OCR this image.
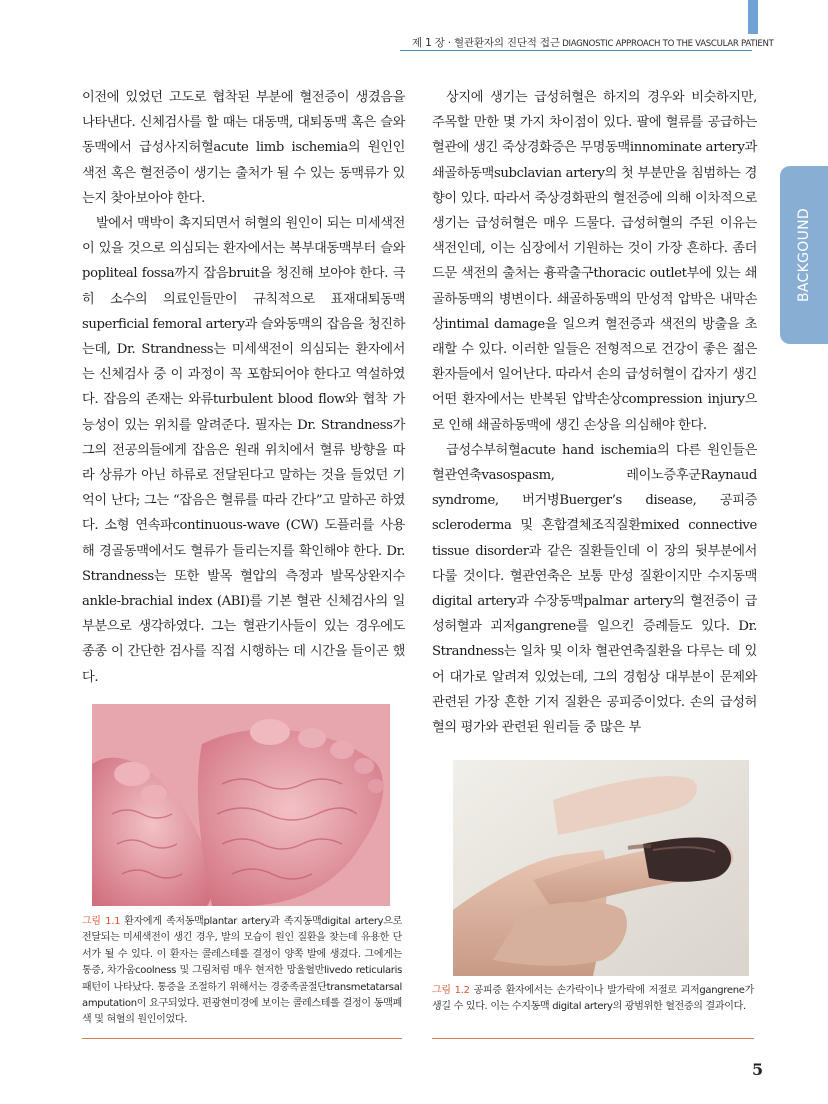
제 1 장 · 혈관환자의 진단적 접근 DIAGNOSTIC APPROACH TO THE VASCULAR PATIENT
BACKGOUND

이전에 있었던 고도로 협착된 부분에 혈전증이 생겼음을 나타낸다. 신체검사를 할 때는 대동맥, 대퇴동맥 혹은 슬와동맥에서 급성사지허혈acute limb ischemia의 원인인 색전 혹은 혈전증이 생기는 출처가 될 수 있는 동맥류가 있는지 찾아보아야 한다.

발에서 맥박이 촉지되면서 허혈의 원인이 되는 미세색전이 있을 것으로 의심되는 환자에서는 복부대동맥부터 슬와popliteal fossa까지 잡음bruit을 청진해 보아야 한다. 극히 소수의 의료인들만이 규칙적으로 표재대퇴동맥superficial femoral artery과 슬와동맥의 잡음을 청진하는데, Dr. Strandness는 미세색전이 의심되는 환자에서는 신체검사 중 이 과정이 꼭 포함되어야 한다고 역설하였다. 잡음의 존재는 와류turbulent blood flow와 협착 가능성이 있는 위치를 알려준다. 필자는 Dr. Strandness가 그의 전공의들에게 잡음은 원래 위치에서 혈류 방향을 따라 상류가 아닌 하류로 전달된다고 말하는 것을 들었던 기억이 난다; 그는 “잡음은 혈류를 따라 간다”고 말하곤 하였다. 소형 연속파continuous-wave (CW) 도플러를 사용해 경골동맥에서도 혈류가 들리는지를 확인해야 한다. Dr. Strandness는 또한 발목 혈압의 측정과 발목상완지수ankle-brachial index (ABI)를 기본 혈관 신체검사의 일부분으로 생각하였다. 그는 혈관기사들이 있는 경우에도 종종 이 간단한 검사를 직접 시행하는 데 시간을 들이곤 했다.

상지에 생기는 급성허혈은 하지의 경우와 비슷하지만, 주목할 만한 몇 가지 차이점이 있다. 팔에 혈류를 공급하는 혈관에 생긴 죽상경화증은 무명동맥innominate artery과 쇄골하동맥subclavian artery의 첫 부분만을 침범하는 경향이 있다. 따라서 죽상경화판의 혈전증에 의해 이차적으로 생기는 급성허혈은 매우 드물다. 급성허혈의 주된 이유는 색전인데, 이는 심장에서 기원하는 것이 가장 흔하다. 좀더 드문 색전의 출처는 흉곽출구thoracic outlet부에 있는 쇄골하동맥의 병변이다. 쇄골하동맥의 만성적 압박은 내막손상intimal damage을 일으켜 혈전증과 색전의 방출을 초래할 수 있다. 이러한 일들은 전형적으로 건강이 좋은 젊은 환자들에서 일어난다. 따라서 손의 급성허혈이 갑자기 생긴 어떤 환자에서는 반복된 압박손상compression injury으로 인해 쇄골하동맥에 생긴 손상을 의심해야 한다.

급성수부허혈acute hand ischemia의 다른 원인들은 혈관연축vasospasm, 레이노증후군Raynaud syndrome, 버거병Buerger’s disease, 공피증scleroderma 및 혼합결체조직질환mixed connective tissue disorder과 같은 질환들인데 이 장의 뒷부분에서 다룰 것이다. 혈관연축은 보통 만성 질환이지만 수지동맥digital artery과 수장동맥palmar artery의 혈전증이 급성허혈과 괴저gangrene를 일으킨 증례들도 있다. Dr. Strandness는 일차 및 이차 혈관연축질환을 다루는 데 있어 대가로 알려져 있었는데, 그의 경험상 대부분이 문제와 관련된 가장 흔한 기저 질환은 공피증이었다. 손의 급성허혈의 평가와 관련된 원리들 중 많은 부

그림 1.1 환자에게 족저동맥plantar artery과 족지동맥digital artery으로 전달되는 미세색전이 생긴 경우, 발의 모습이 원인 질환을 찾는데 유용한 단서가 될 수 있다. 이 환자는 콜레스테롤 결정이 양쪽 발에 생겼다. 그에게는 통증, 차가움coolness 및 그림처럼 매우 현저한 망울혈반livedo reticularis 패턴이 나타났다. 통증을 조절하기 위해서는 경중족골절단transmetatarsal amputation이 요구되었다. 편광현미경에 보이는 콜레스테롤 결정이 동맥폐색 및 혀혈의 원인이었다.
그림 1.2 공피증 환자에서는 손가락이나 발가락에 저절로 괴저gangrene가 생길 수 있다. 이는 수지동맥 digital artery의 광범위한 혈전증의 결과이다.
5
